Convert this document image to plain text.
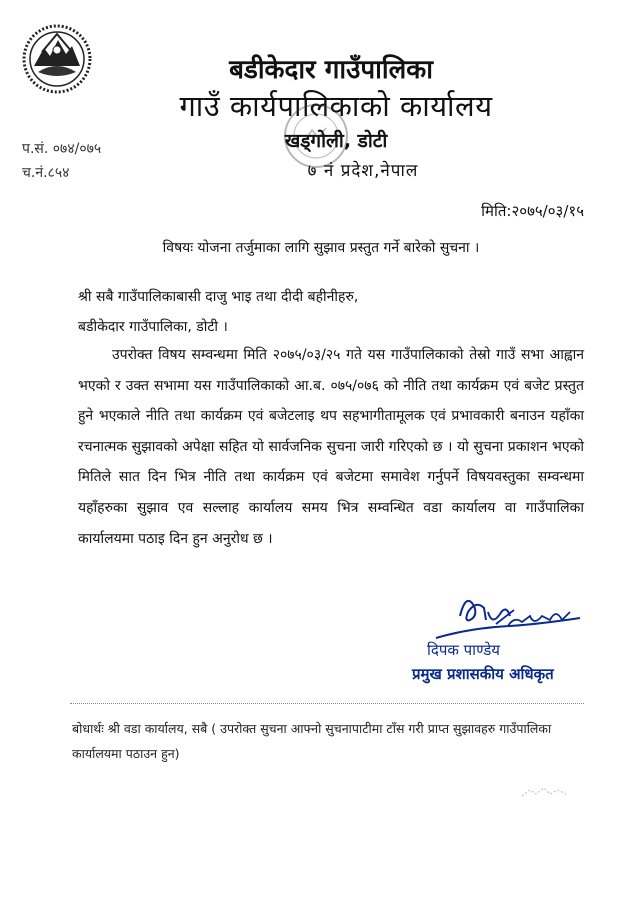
बडीकेदार गाउँपालिका
गाउँ कार्यपालिकाको कार्यालय
खड्गोली, डोटी
७ नं प्रदेश,नेपाल
प.सं. ०७४/०७५
च.नं.८५४
मिति:२०७५/०३/१५
विषयः योजना तर्जुमाका लागि सुझाव प्रस्तुत गर्ने बारेको सुचना ।
श्री सबै गाउँपालिकाबासी दाजु भाइ तथा दीदी बहीनीहरु,
बडीकेदार गाउँपालिका, डोटी ।

उपरोक्त विषय सम्वन्धमा मिति २०७५/०३/२५ गते यस गाउँपालिकाको तेस्रो गाउँ सभा आह्वान भएको र उक्त सभामा यस गाउँपालिकाको आ.ब. ०७५/०७६ को नीति तथा कार्यक्रम एवं बजेट प्रस्तुत हुने भएकाले नीति तथा कार्यक्रम एवं बजेटलाइ थप सहभागीतामूलक एवं प्रभावकारी बनाउन यहाँका रचनात्मक सुझावको अपेक्षा सहित यो सार्वजनिक सुचना जारी गरिएको छ । यो सुचना प्रकाशन भएको मितिले सात दिन भित्र नीति तथा कार्यक्रम एवं बजेटमा समावेश गर्नुपर्ने विषयवस्तुका सम्वन्धमा यहाँहरुका सुझाव एव सल्लाह कार्यालय समय भित्र सम्वन्धित वडा कार्यालय वा गाउँपालिका कार्यालयमा पठाइ दिन हुन अनुरोध छ ।

दिपक पाण्डेय
प्रमुख प्रशासकीय अधिकृत

बोधार्थः श्री वडा कार्यालय, सबै ( उपरोक्त सुचना आफ्नो सुचनापाटीमा टाँस गरी प्राप्त सुझावहरु गाउँपालिका कार्यालयमा पठाउन हुन)
